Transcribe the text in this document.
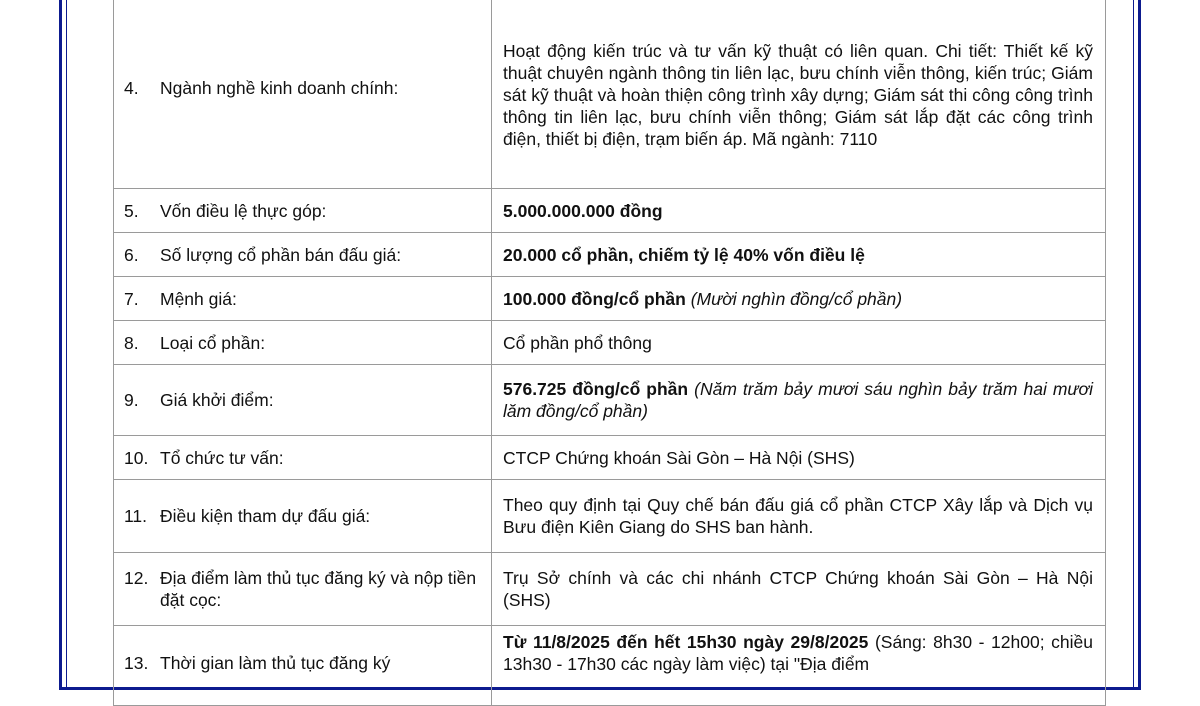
4. Ngành nghề kinh doanh chính:	Hoạt động kiến trúc và tư vấn kỹ thuật có liên quan. Chi tiết: Thiết kế kỹ thuật chuyên ngành thông tin liên lạc, bưu chính viễn thông, kiến trúc; Giám sát kỹ thuật và hoàn thiện công trình xây dựng; Giám sát thi công công trình thông tin liên lạc, bưu chính viễn thông; Giám sát lắp đặt các công trình điện, thiết bị điện, trạm biến áp. Mã ngành: 7110

5. Vốn điều lệ thực góp:	5.000.000.000 đồng

6. Số lượng cổ phần bán đấu giá:	20.000 cổ phần, chiếm tỷ lệ 40% vốn điều lệ

7. Mệnh giá:	100.000 đồng/cổ phần (Mười nghìn đồng/cổ phần)

8. Loại cổ phần:	Cổ phần phổ thông

9. Giá khởi điểm:	576.725 đồng/cổ phần (Năm trăm bảy mươi sáu nghìn bảy trăm hai mươi lăm đồng/cổ phần)

10. Tổ chức tư vấn:	CTCP Chứng khoán Sài Gòn – Hà Nội (SHS)

11. Điều kiện tham dự đấu giá:	Theo quy định tại Quy chế bán đấu giá cổ phần CTCP Xây lắp và Dịch vụ Bưu điện Kiên Giang do SHS ban hành.

12. Địa điểm làm thủ tục đăng ký và nộp tiền đặt cọc:	Trụ Sở chính và các chi nhánh CTCP Chứng khoán Sài Gòn – Hà Nội (SHS)

13. Thời gian làm thủ tục đăng ký	Từ 11/8/2025 đến hết 15h30 ngày 29/8/2025 (Sáng: 8h30 - 12h00; chiều 13h30 - 17h30 các ngày làm việc) tại "Địa điểm
